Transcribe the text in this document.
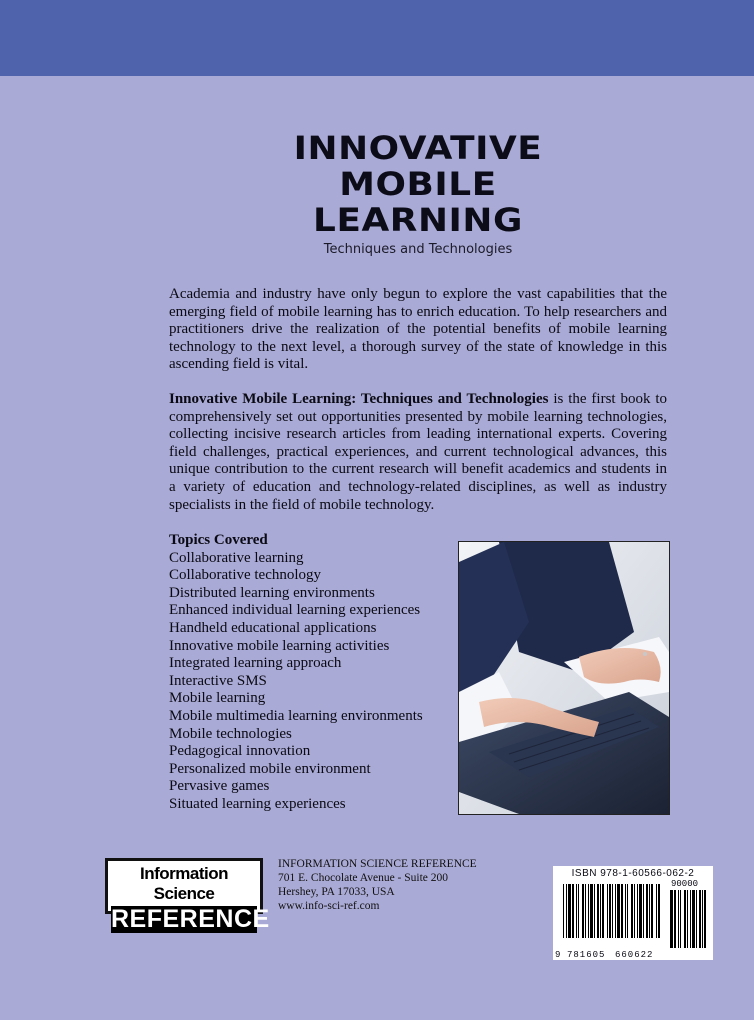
INNOVATIVE
MOBILE
LEARNING
Techniques and Technologies
Academia and industry have only begun to explore the vast capabilities that the emerging field of mobile learning has to enrich education. To help researchers and practitioners drive the realization of the potential benefits of mobile learning technology to the next level, a thorough survey of the state of knowledge in this ascending field is vital.
Innovative Mobile Learning: Techniques and Technologies is the first book to comprehensively set out opportunities presented by mobile learning technologies, collecting incisive research articles from leading international experts. Covering field challenges, practical experiences, and current technological advances, this unique contribution to the current research will benefit academics and students in a variety of education and technology-related disciplines, as well as industry specialists in the field of mobile technology.
Topics Covered
Collaborative learning
Collaborative technology
Distributed learning environments
Enhanced individual learning experiences
Handheld educational applications
Innovative mobile learning activities
Integrated learning approach
Interactive SMS
Mobile learning
Mobile multimedia learning environments
Mobile technologies
Pedagogical innovation
Personalized mobile environment
Pervasive games
Situated learning experiences
Information Science
REFERENCE
INFORMATION SCIENCE REFERENCE
701 E. Chocolate Avenue - Suite 200
Hershey, PA 17033, USA
www.info-sci-ref.com
ISBN 978-1-60566-062-2
9 781605 660622
90000
